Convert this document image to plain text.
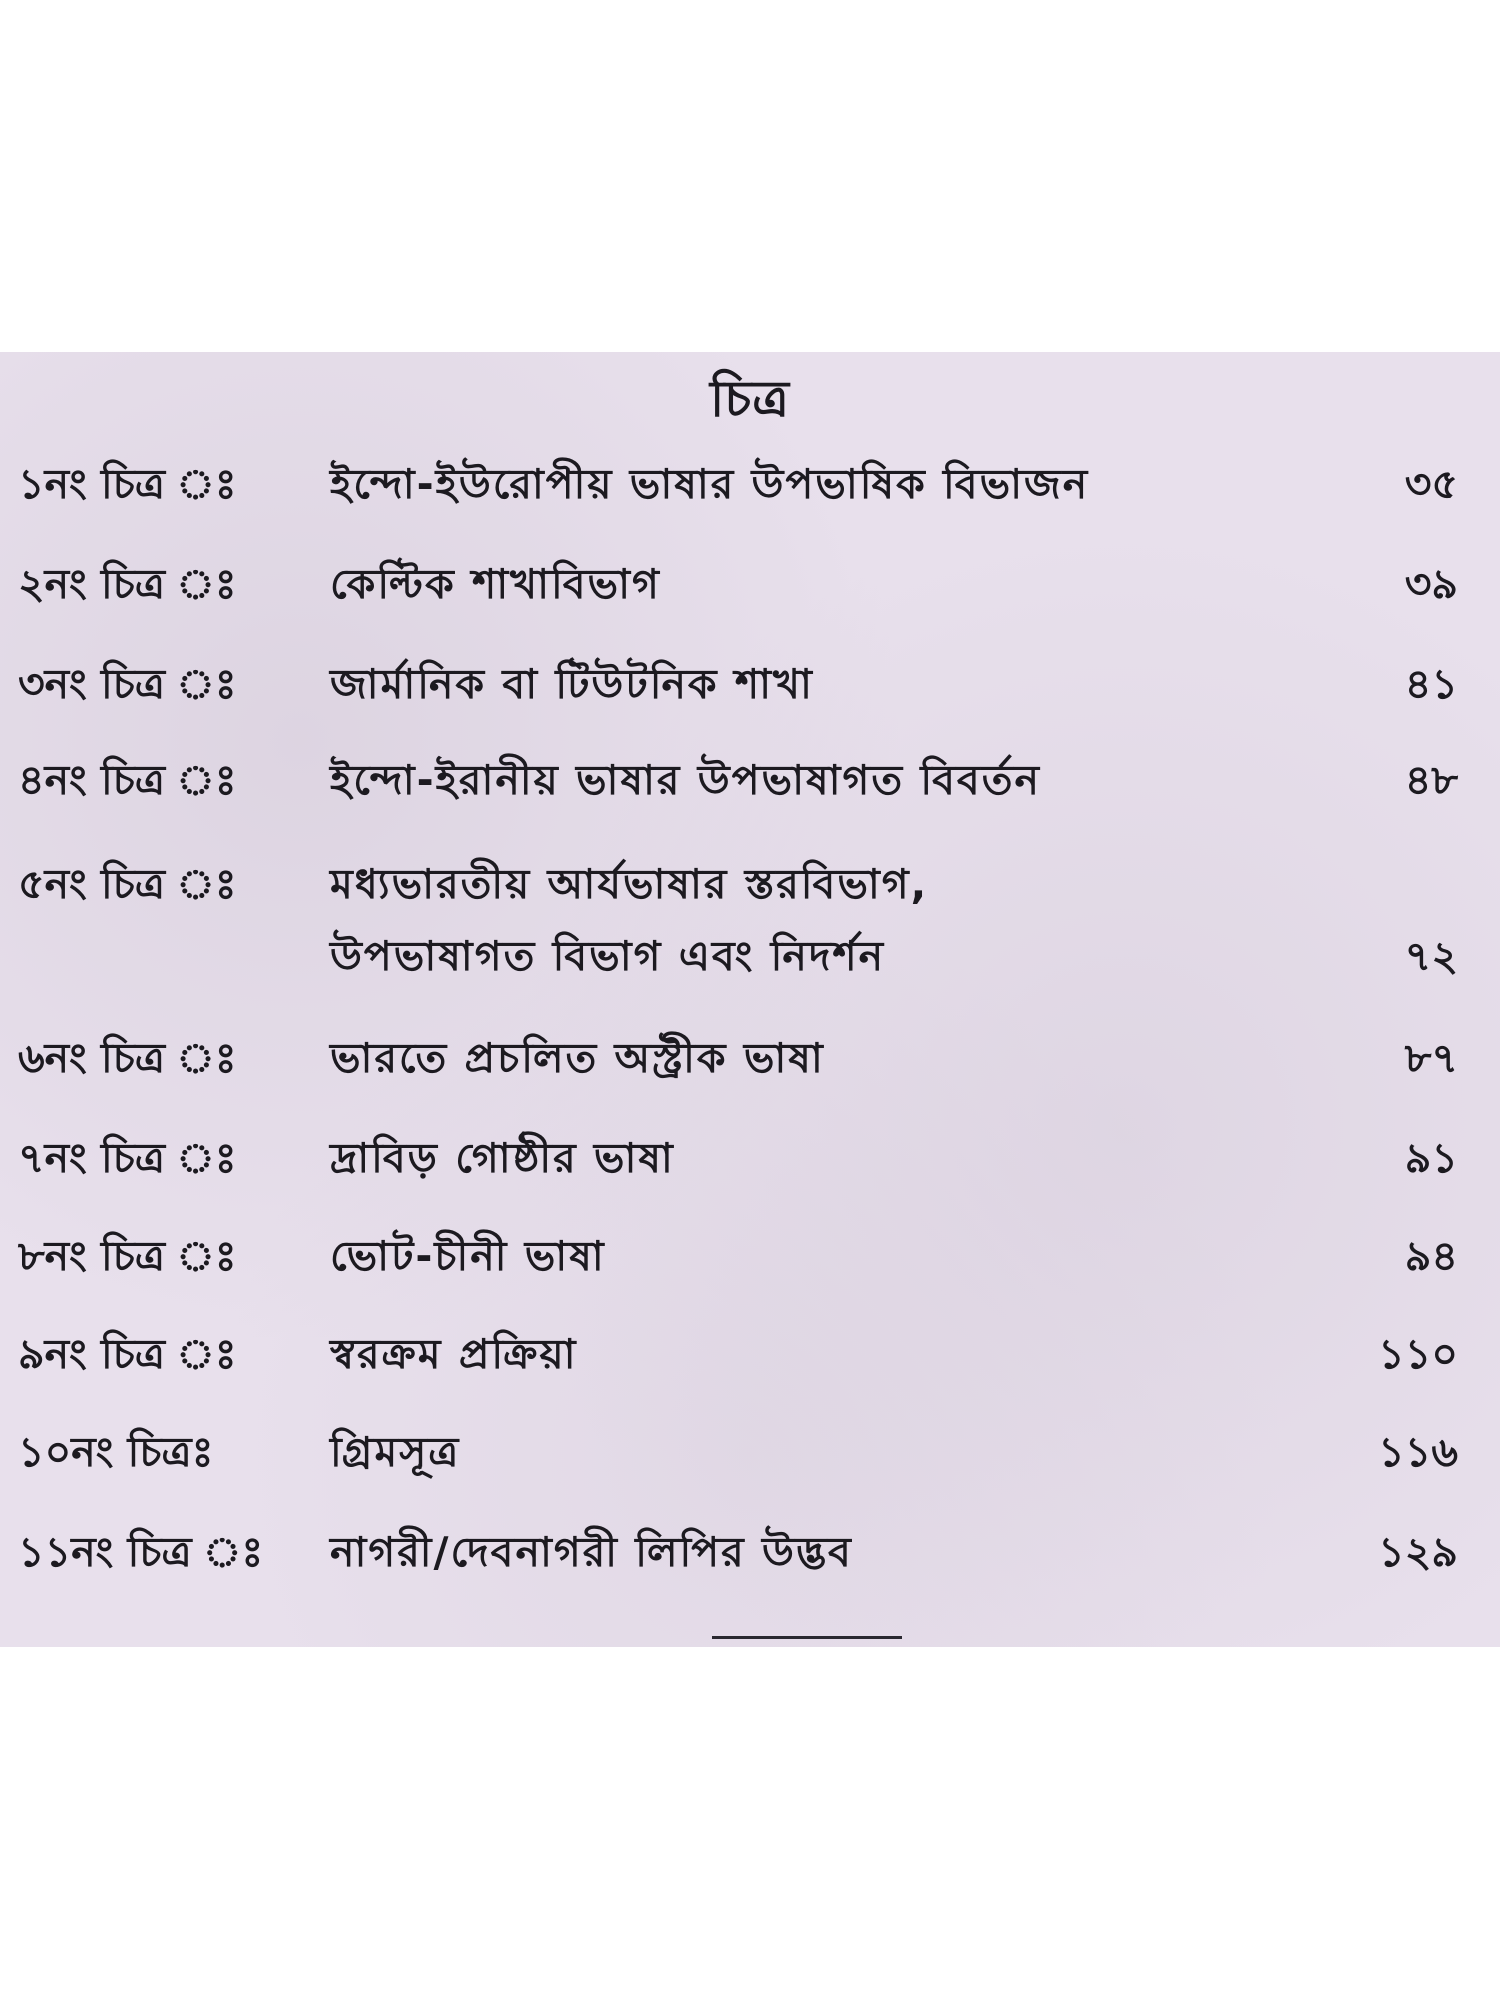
চিত্র
১নং চিত্র ঃ ইন্দো-ইউরোপীয় ভাষার উপভাষিক বিভাজন	৩৫
২নং চিত্র ঃ কেল্টিক শাখাবিভাগ	৩৯
৩নং চিত্র ঃ জার্মানিক বা টিউটনিক শাখা	৪১
৪নং চিত্র ঃ ইন্দো-ইরানীয় ভাষার উপভাষাগত বিবর্তন	৪৮
৫নং চিত্র ঃ মধ্যভারতীয় আর্যভাষার স্তরবিভাগ,
উপভাষাগত বিভাগ এবং নিদর্শন	৭২
৬নং চিত্র ঃ ভারতে প্রচলিত অস্ট্রীক ভাষা	৮৭
৭নং চিত্র ঃ দ্রাবিড় গোষ্ঠীর ভাষা	৯১
৮নং চিত্র ঃ ভোট-চীনী ভাষা	৯৪
৯নং চিত্র ঃ স্বরক্রম প্রক্রিয়া	১১০
১০নং চিত্রঃ	গ্রিমসূত্র	১১৬
১১নং চিত্র ঃ নাগরী/দেবনাগরী লিপির উদ্ভব	১২৯
